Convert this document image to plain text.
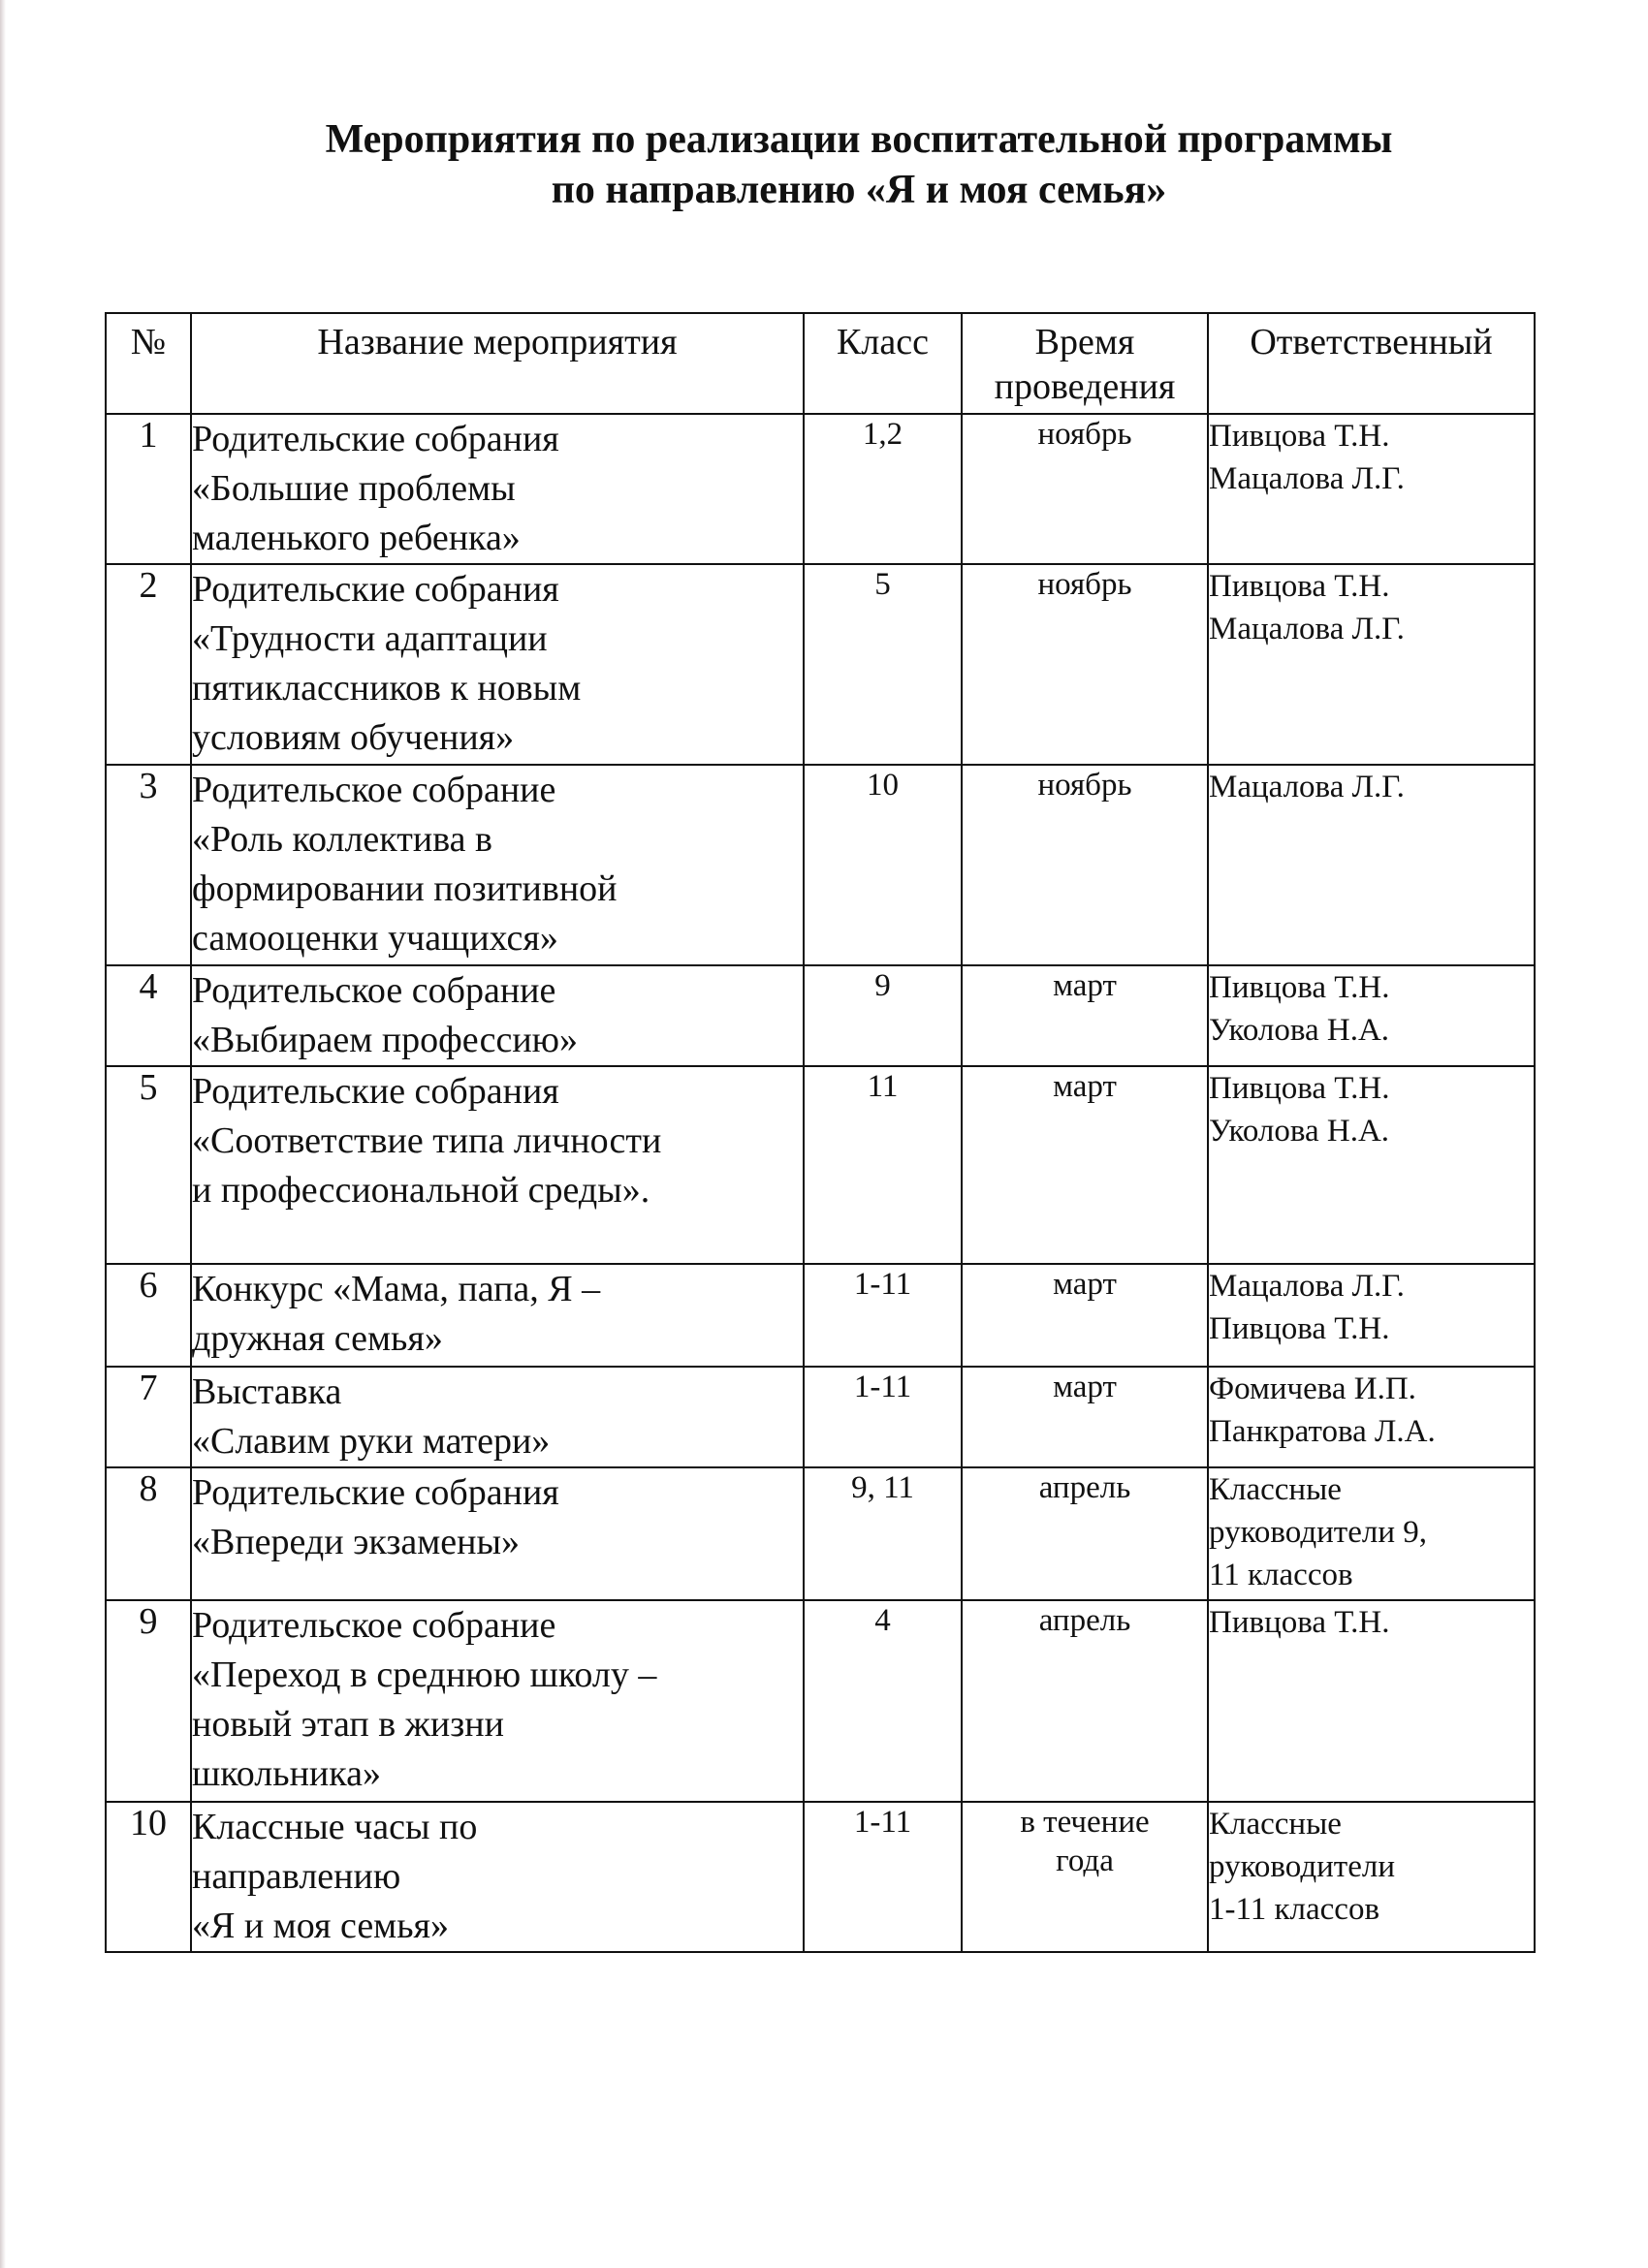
Мероприятия по реализации воспитательной программы
по направлению «Я и моя семья»
№	Название мероприятия	Класс	Время
проведения	Ответственный
1	Родительские собрания
«Большие проблемы
маленького ребенка»	1,2	ноябрь	Пивцова Т.Н.
Мацалова Л.Г.

2	Родительские собрания
«Трудности адаптации
пятиклассников к новым
условиям обучения»	5	ноябрь	Пивцова Т.Н.
Мацалова Л.Г.

3	Родительское собрание
«Роль коллектива в
формировании позитивной
самооценки учащихся»	10	ноябрь	Мацалова Л.Г.

4	Родительское собрание
«Выбираем профессию»	9	март	Пивцова Т.Н.
Уколова Н.А.

5	Родительские собрания
«Соответствие типа личности
и профессиональной среды».	11	март	Пивцова Т.Н.
Уколова Н.А.

6	Конкурс «Мама, папа, Я –
дружная семья»	1-11	март	Мацалова Л.Г.
Пивцова Т.Н.

7	Выставка
«Славим руки матери»	1-11	март	Фомичева И.П.
Панкратова Л.А.

8	Родительские собрания
«Впереди экзамены»	9, 11	апрель	Классные
руководители 9,
11 классов

9	Родительское собрание
«Переход в среднюю школу –
новый этап в жизни
школьника»	4	апрель	Пивцова Т.Н.

10	Классные часы по
направлению
«Я и моя семья»	1-11	в течение
года	Классные
руководители
1-11 классов
